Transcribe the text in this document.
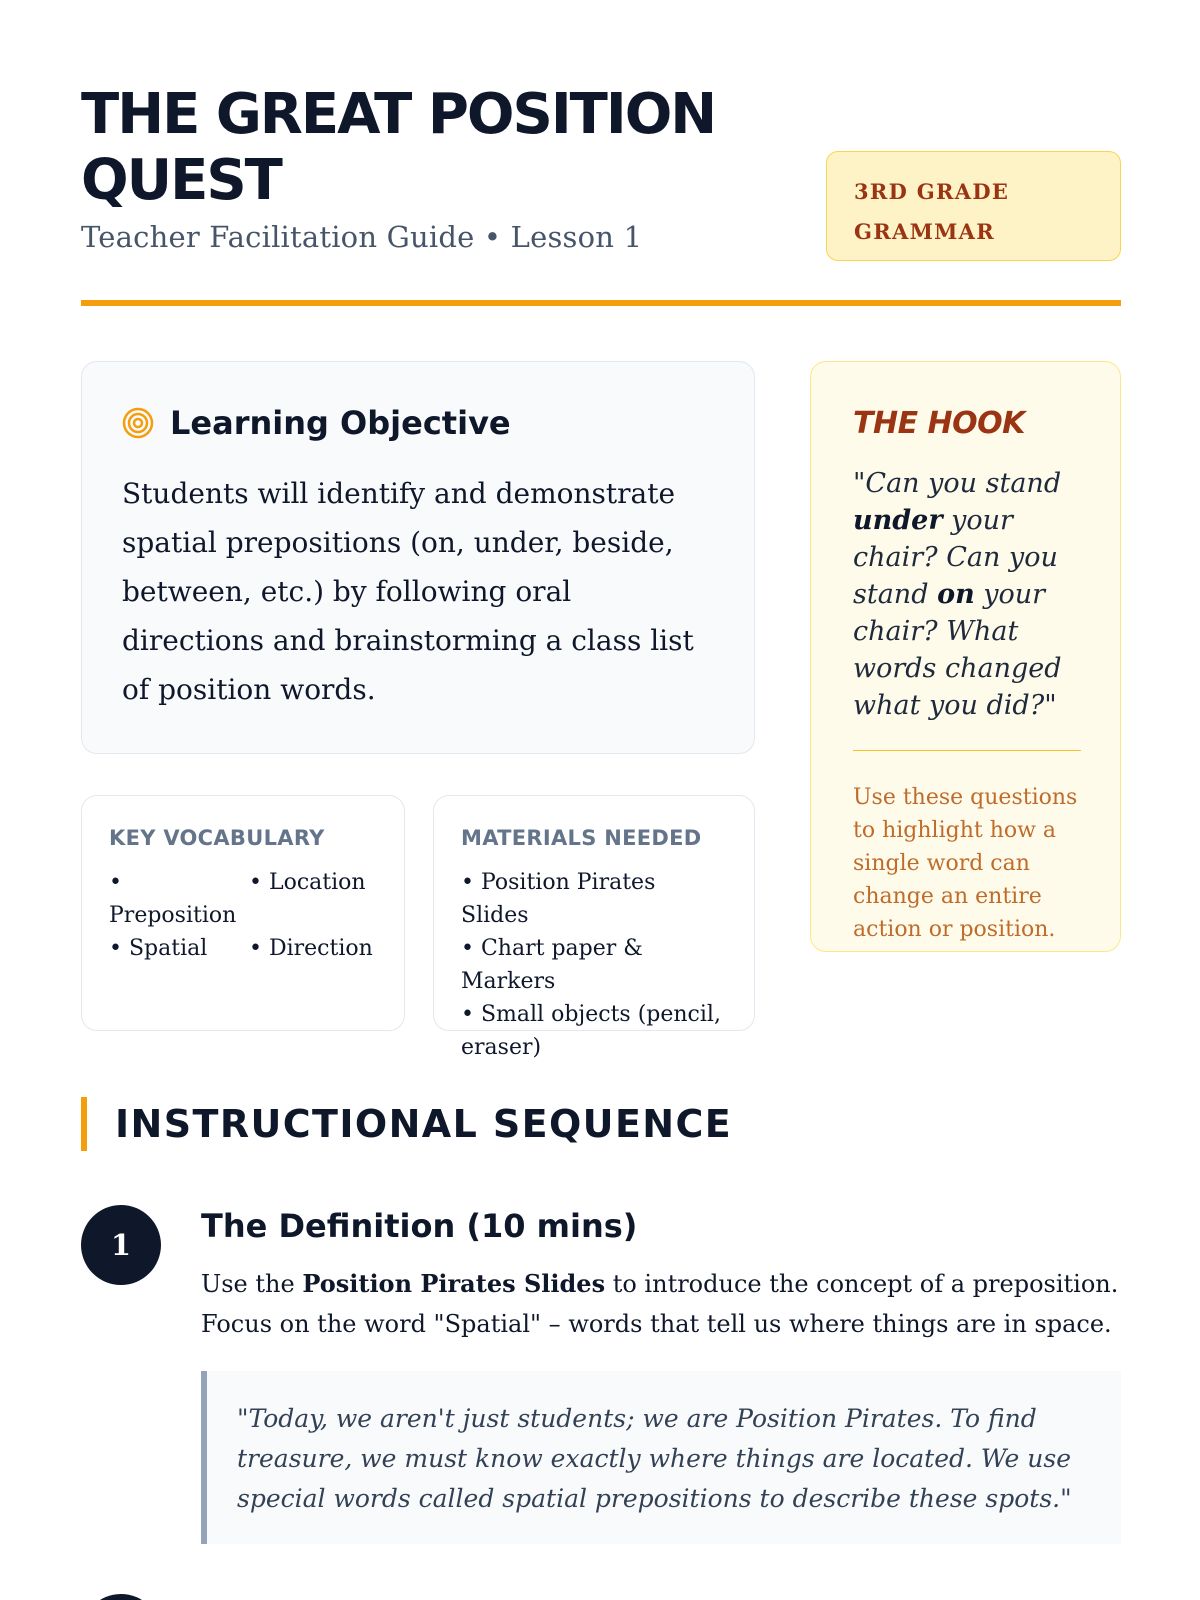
THE GREAT POSITION QUEST
Teacher Facilitation Guide • Lesson 1
3RD GRADE GRAMMAR
Learning Objective

Students will identify and demonstrate spatial prepositions (on, under, beside, between, etc.) by following oral directions and brainstorming a class list of position words.

KEY VOCABULARY
• Preposition
• Location
• Spatial	• Direction
MATERIALS NEEDED
• Position Pirates Slides
• Chart paper & Markers
• Small objects (pencil, eraser)
THE HOOK

"Can you stand under your chair? Can you stand on your chair? What words changed what you did?"

Use these questions to highlight how a single word can change an entire action or position.

INSTRUCTIONAL SEQUENCE
1	The Definition (10 mins)

Use the Position Pirates Slides to introduce the concept of a preposition. Focus on the word "Spatial" – words that tell us where things are in space.

"Today, we aren't just students; we are Position Pirates. To find treasure, we must know exactly where things are located. We use special words called spatial prepositions to describe these spots."
